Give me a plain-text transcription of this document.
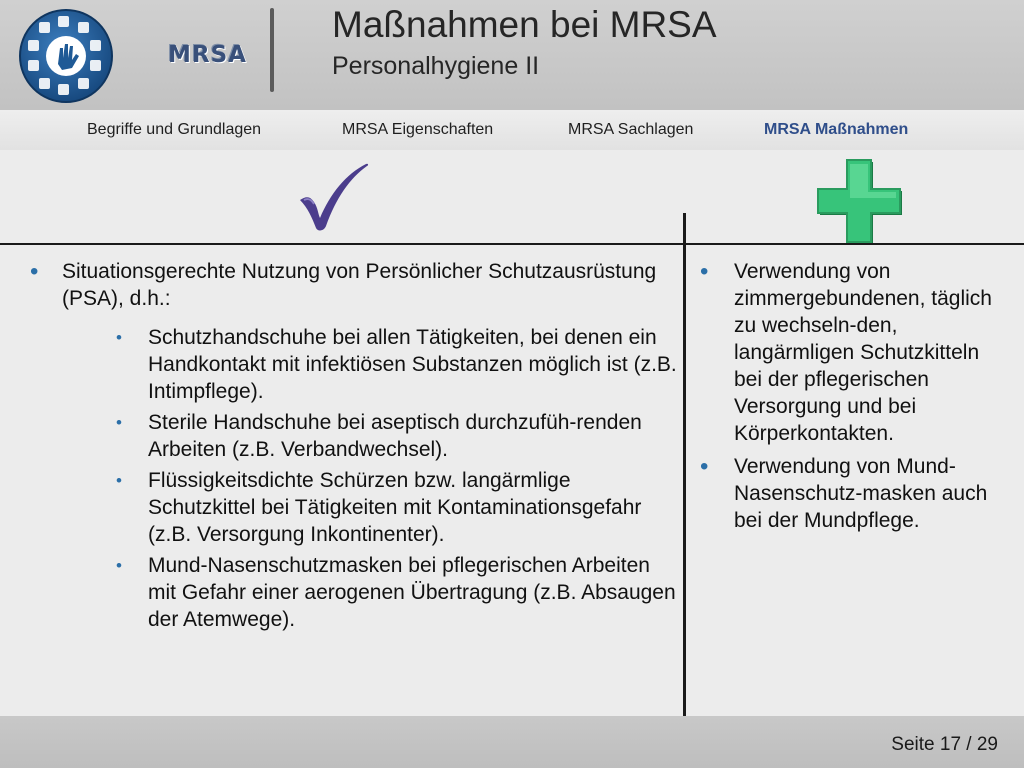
MRSA
Maßnahmen bei MRSA
Personalhygiene II
Begriffe und Grundlagen	MRSA Eigenschaften	MRSA Sachlagen	MRSA Maßnahmen
• Situationsgerechte Nutzung von Persönlicher Schutzausrüstung (PSA), d.h.:
• Schutzhandschuhe bei allen Tätigkeiten, bei denen ein Handkontakt mit infektiösen Substanzen möglich ist (z.B. Intimpflege).
• Sterile Handschuhe bei aseptisch durchzufüh-renden Arbeiten (z.B. Verbandwechsel).
• Flüssigkeitsdichte Schürzen bzw. langärmlige Schutzkittel bei Tätigkeiten mit Kontaminationsgefahr (z.B. Versorgung Inkontinenter).
• Mund-Nasenschutzmasken bei pflegerischen Arbeiten mit Gefahr einer aerogenen Übertragung (z.B. Absaugen der Atemwege).
• Verwendung von zimmergebundenen, täglich zu wechseln-den, langärmligen Schutzkitteln bei der pflegerischen Versorgung und bei Körperkontakten.
• Verwendung von Mund- Nasenschutz-masken auch bei der Mundpflege.
Seite 17 / 29
